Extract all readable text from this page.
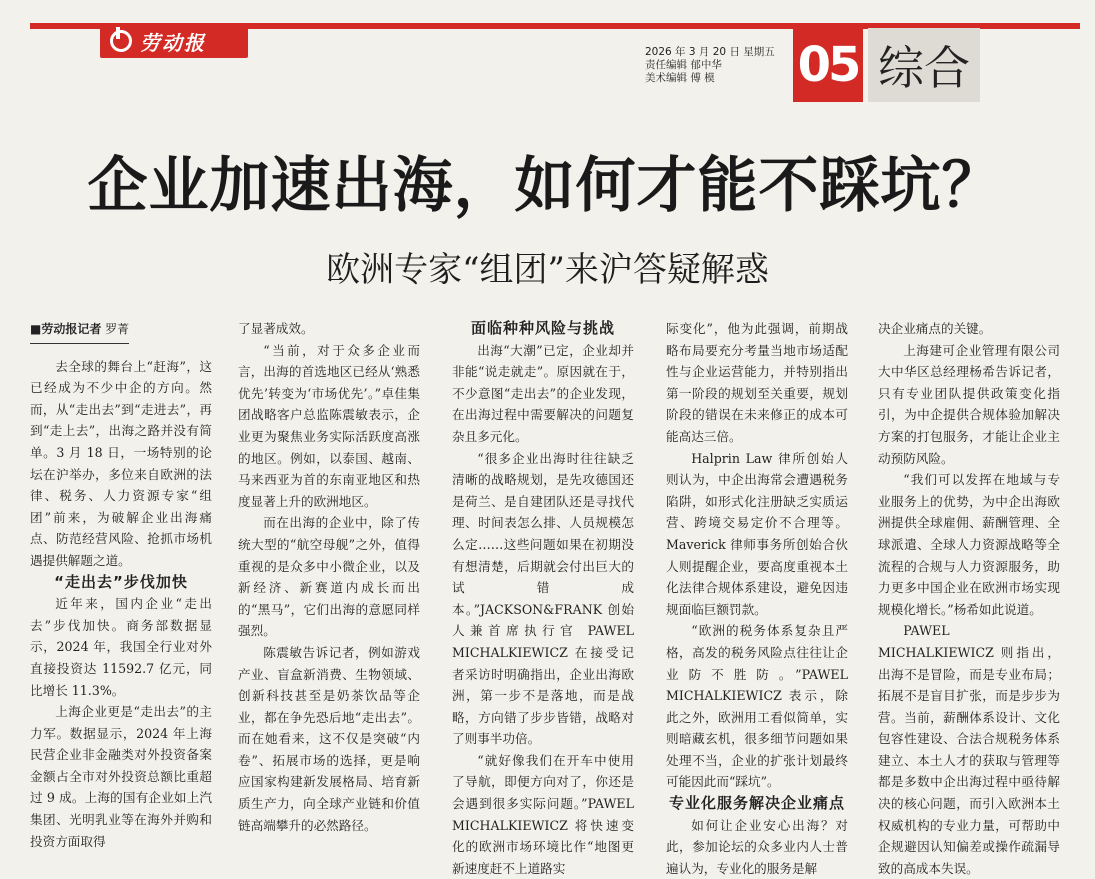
劳动报	2026 年 3 月 20 日 星期五
责任编辑 郁中华
美术编辑 傅 模	05 综合
企业加速出海，如何才能不踩坑？
欧洲专家“组团”来沪答疑解惑
■劳动报记者 罗菁

去全球的舞台上“赶海”，这已经成为不少中企的方向。然而，从“走出去”到“走进去”，再到“走上去”，出海之路并没有简单。3 月 18 日，一场特别的论坛在沪举办，多位来自欧洲的法律、税务、人力资源专家“组团”前来，为破解企业出海痛点、防范经营风险、抢抓市场机遇提供解题之道。

“走出去”步伐加快

近年来，国内企业“走出去”步伐加快。商务部数据显示，2024 年，我国全行业对外直接投资达 11592.7 亿元，同比增长 11.3%。

上海企业更是“走出去”的主力军。数据显示，2024 年上海民营企业非金融类对外投资备案金额占全市对外投资总额比重超过 9 成。上海的国有企业如上汽集团、光明乳业等在海外并购和投资方面取得

了显著成效。

“当前，对于众多企业而言，出海的首选地区已经从‘熟悉优先’转变为‘市场优先’。”卓佳集团战略客户总监陈震敏表示，企业更为聚焦业务实际活跃度高涨的地区。例如，以泰国、越南、马来西亚为首的东南亚地区和热度显著上升的欧洲地区。

而在出海的企业中，除了传统大型的“航空母舰”之外，值得重视的是众多中小微企业，以及新经济、新赛道内成长而出的“黑马”，它们出海的意愿同样强烈。

陈震敏告诉记者，例如游戏产业、盲盒新消费、生物领域、创新科技甚至是奶茶饮品等企业，都在争先恐后地“走出去”。而在她看来，这不仅是突破“内卷”、拓展市场的选择，更是响应国家构建新发展格局、培育新质生产力，向全球产业链和价值链高端攀升的必然路径。

面临种种风险与挑战

出海“大潮”已定，企业却并非能“说走就走”。原因就在于，不少意图“走出去”的企业发现，在出海过程中需要解决的问题复杂且多元化。

“很多企业出海时往往缺乏清晰的战略规划，是先攻德国还是荷兰、是自建团队还是寻找代理、时间表怎么排、人员规模怎么定……这些问题如果在初期没有想清楚，后期就会付出巨大的试错成本。”JACKSON&FRANK 创始人兼首席执行官 PAWEL MICHALKIEWICZ 在接受记者采访时明确指出，企业出海欧洲，第一步不是落地，而是战略，方向错了步步皆错，战略对了则事半功倍。

“就好像我们在开车中使用了导航，即便方向对了，你还是会遇到很多实际问题。”PAWEL MICHALKIEWICZ 将快速变化的欧洲市场环境比作“地图更新速度赶不上道路实

际变化”，他为此强调，前期战略布局要充分考量当地市场适配性与企业运营能力，并特别指出第一阶段的规划至关重要，规划阶段的错误在未来修正的成本可能高达三倍。

Halprin Law 律所创始人则认为，中企出海常会遭遇税务陷阱，如形式化注册缺乏实质运营、跨境交易定价不合理等。Maverick 律师事务所创始合伙人则提醒企业，要高度重视本土化法律合规体系建设，避免因违规面临巨额罚款。

“欧洲的税务体系复杂且严格，高发的税务风险点往往让企业防不胜防。”PAWEL MICHALKIEWICZ 表示，除此之外，欧洲用工看似简单，实则暗藏玄机，很多细节问题如果处理不当，企业的扩张计划最终可能因此而“踩坑”。

专业化服务解决企业痛点

如何让企业安心出海？对此，参加论坛的众多业内人士普遍认为，专业化的服务是解

决企业痛点的关键。

上海建可企业管理有限公司大中华区总经理杨希告诉记者，只有专业团队提供政策变化指引，为中企提供合规体验加解决方案的打包服务，才能让企业主动预防风险。

“我们可以发挥在地域与专业服务上的优势，为中企出海欧洲提供全球雇佣、薪酬管理、全球派遣、全球人力资源战略等全流程的合规与人力资源服务，助力更多中国企业在欧洲市场实现规模化增长。”杨希如此说道。

PAWEL MICHALKIEWICZ 则指出，出海不是冒险，而是专业布局；拓展不是盲目扩张，而是步步为营。当前，薪酬体系设计、文化包容性建设、合法合规税务体系建立、本土人才的获取与管理等都是多数中企出海过程中亟待解决的核心问题，而引入欧洲本土权威机构的专业力量，可帮助中企规避因认知偏差或操作疏漏导致的高成本失误。
